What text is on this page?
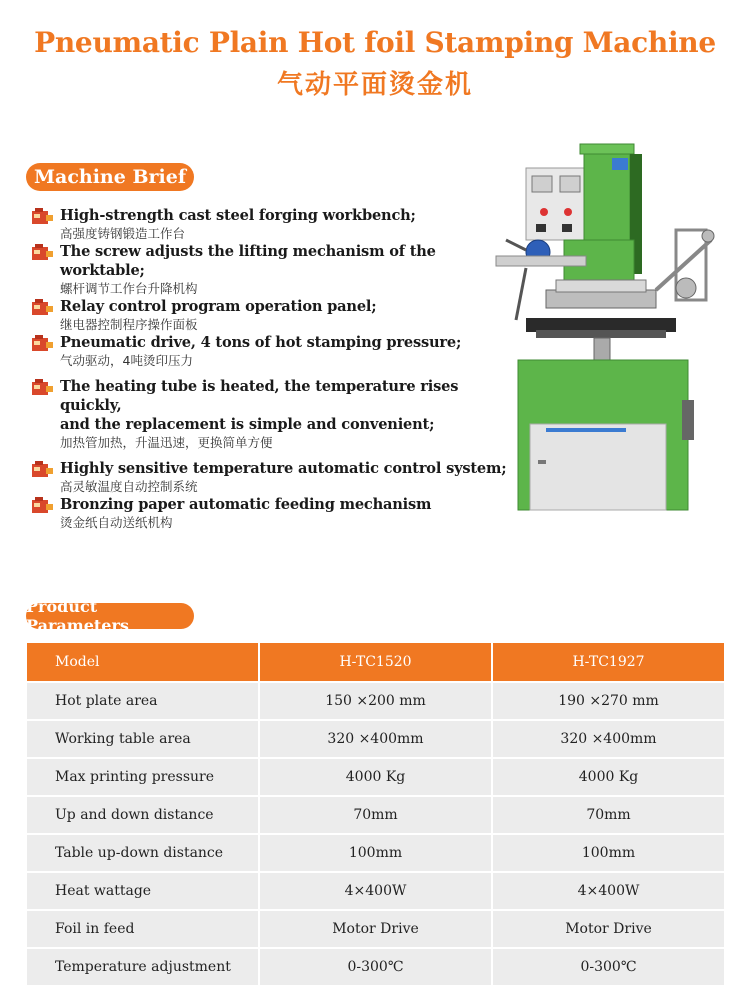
Pneumatic Plain Hot foil Stamping Machine
气动平面烫金机
Machine Brief
High-strength cast steel forging workbench;
高强度铸钢锻造工作台
The screw adjusts the lifting mechanism of the worktable;
螺杆调节工作台升降机构
Relay control program operation panel;
继电器控制程序操作面板
Pneumatic drive, 4 tons of hot stamping pressure;
气动驱动，4吨烫印压力
The heating tube is heated, the temperature rises quickly,
and the replacement is simple and convenient;
加热管加热，升温迅速，更换简单方便
Highly sensitive temperature automatic control system;
高灵敏温度自动控制系统
Bronzing paper automatic feeding mechanism
烫金纸自动送纸机构
Product Parameters
Model	H-TC1520	H-TC1927
Hot plate area	150 ×200 mm	190 ×270 mm
Working table area	320 ×400mm	320 ×400mm
Max printing pressure	4000 Kg	4000 Kg
Up and down distance	70mm	70mm
Table up-down distance	100mm	100mm
Heat wattage	4×400W	4×400W
Foil in feed	Motor Drive	Motor Drive
Temperature adjustment	0-300℃	0-300℃
